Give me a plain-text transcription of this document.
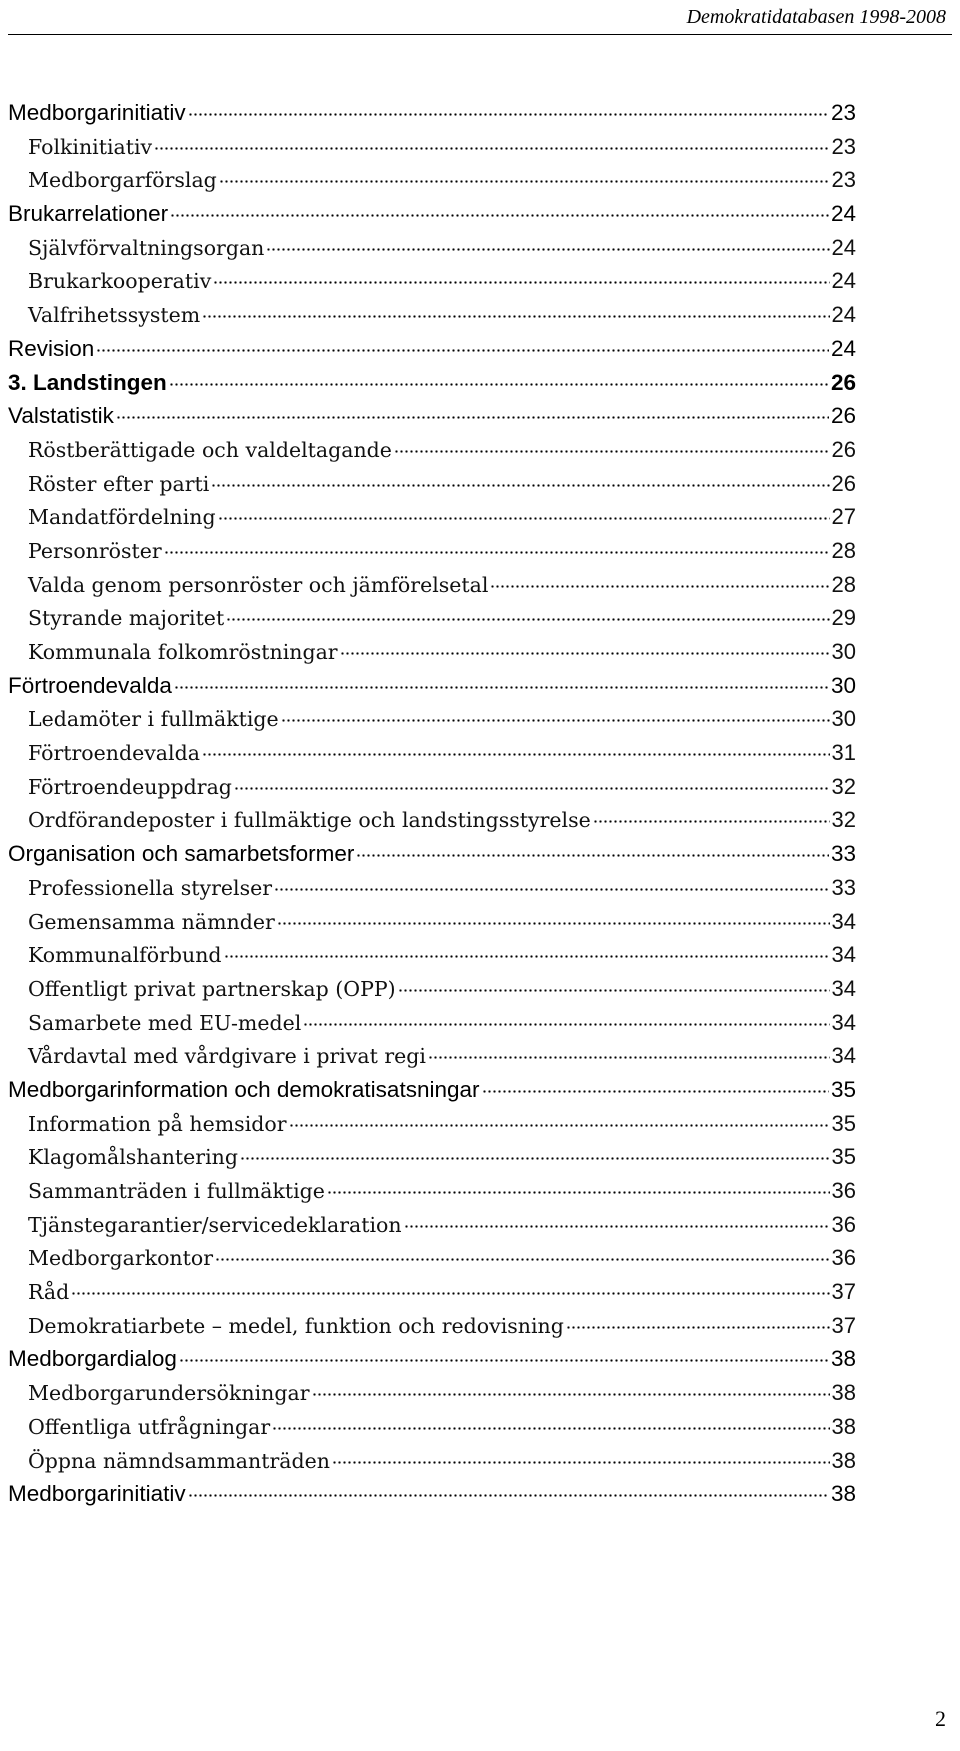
Demokratidatabasen 1998-2008
Medborgarinitiativ	23
Folkinitiativ	23
Medborgarförslag	23
Brukarrelationer	24
Självförvaltningsorgan	24
Brukarkooperativ	24
Valfrihetssystem	24
Revision	24
3. Landstingen	26
Valstatistik	26
Röstberättigade och valdeltagande	26
Röster efter parti	26
Mandatfördelning	27
Personröster	28
Valda genom personröster och jämförelsetal	28
Styrande majoritet	29
Kommunala folkomröstningar	30
Förtroendevalda	30
Ledamöter i fullmäktige	30
Förtroendevalda	31
Förtroendeuppdrag	32
Ordförandeposter i fullmäktige och landstingsstyrelse	32
Organisation och samarbetsformer	33
Professionella styrelser	33
Gemensamma nämnder	34
Kommunalförbund	34
Offentligt privat partnerskap (OPP)	34
Samarbete med EU-medel	34
Vårdavtal med vårdgivare i privat regi	34
Medborgarinformation och demokratisatsningar	35
Information på hemsidor	35
Klagomålshantering	35
Sammanträden i fullmäktige	36
Tjänstegarantier/servicedeklaration	36
Medborgarkontor	36
Råd	37
Demokratiarbete – medel, funktion och redovisning	37
Medborgardialog	38
Medborgarundersökningar	38
Offentliga utfrågningar	38
Öppna nämndsammanträden	38
Medborgarinitiativ	38
2
